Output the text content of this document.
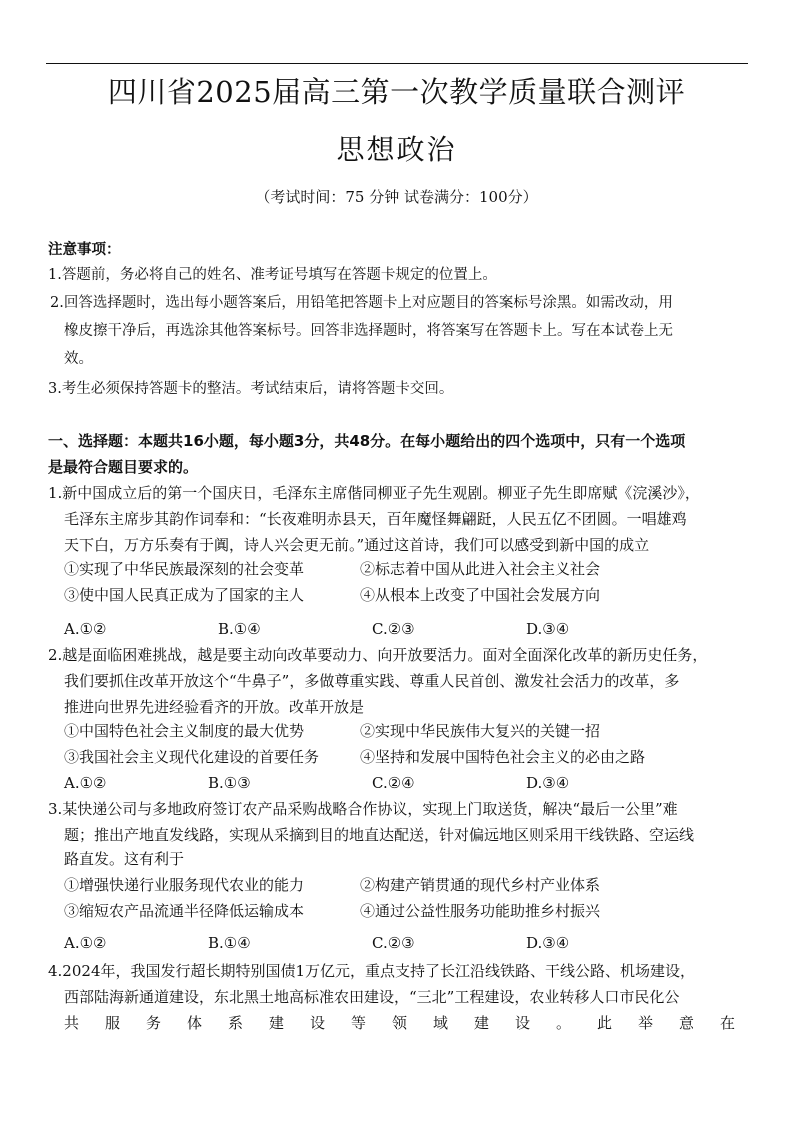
四川省2025届高三第一次教学质量联合测评
思想政治
（考试时间：75 分钟 试卷满分：100分）
注意事项：
1.答题前，务必将自己的姓名、准考证号填写在答题卡规定的位置上。
2.回答选择题时，选出每小题答案后，用铅笔把答题卡上对应题目的答案标号涂黑。如需改动，用
橡皮擦干净后，再选涂其他答案标号。回答非选择题时，将答案写在答题卡上。写在本试卷上无
效。
3.考生必须保持答题卡的整洁。考试结束后，请将答题卡交回。
一、选择题：本题共16小题，每小题3分，共48分。在每小题给出的四个选项中，只有一个选项
是最符合题目要求的。
1.新中国成立后的第一个国庆日，毛泽东主席偕同柳亚子先生观剧。柳亚子先生即席赋《浣溪沙》，
毛泽东主席步其韵作词奉和：“长夜难明赤县天，百年魔怪舞翩跹，人民五亿不团圆。一唱雄鸡
天下白，万方乐奏有于阗，诗人兴会更无前。”通过这首诗，我们可以感受到新中国的成立
①实现了中华民族最深刻的社会变革	②标志着中国从此进入社会主义社会
③使中国人民真正成为了国家的主人	④从根本上改变了中国社会发展方向
A.①②	B.①④	C.②③	D.③④
2.越是面临困难挑战，越是要主动向改革要动力、向开放要活力。面对全面深化改革的新历史任务，
我们要抓住改革开放这个“牛鼻子”，多做尊重实践、尊重人民首创、激发社会活力的改革，多
推进向世界先进经验看齐的开放。改革开放是
①中国特色社会主义制度的最大优势	②实现中华民族伟大复兴的关键一招
③我国社会主义现代化建设的首要任务	④坚持和发展中国特色社会主义的必由之路
A.①②	B.①③	C.②④	D.③④
3.某快递公司与多地政府签订农产品采购战略合作协议，实现上门取送货，解决“最后一公里”难
题；推出产地直发线路，实现从采摘到目的地直达配送，针对偏远地区则采用干线铁路、空运线
路直发。这有利于
①增强快递行业服务现代农业的能力	②构建产销贯通的现代乡村产业体系
③缩短农产品流通半径降低运输成本	④通过公益性服务功能助推乡村振兴
A.①②	B.①④	C.②③	D.③④
4.2024年，我国发行超长期特别国债1万亿元，重点支持了长江沿线铁路、干线公路、机场建设，
西部陆海新通道建设，东北黑土地高标准农田建设，“三北”工程建设，农业转移人口市民化公
共服务体系建设等领域建设。此举意在
